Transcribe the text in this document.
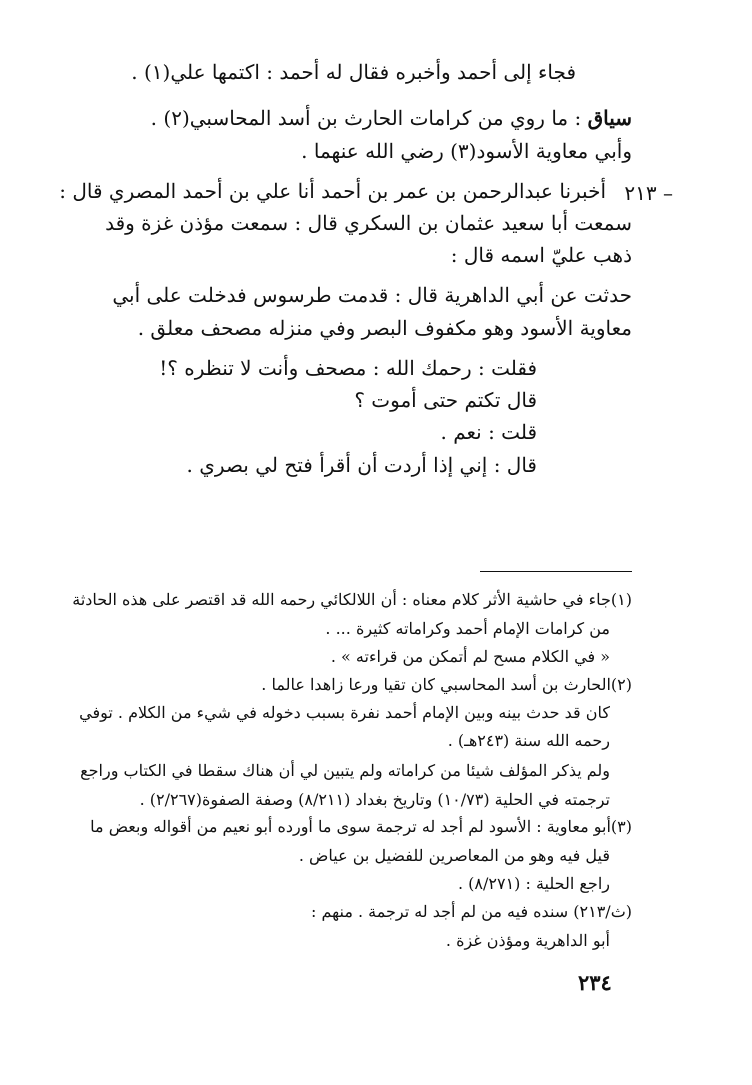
فجاء إلى أحمد وأخبره فقال له أحمد : اكتمها علي(١) .
سياق : ما روي من كرامات الحارث بن أسد المحاسبي(٢) .
وأبي معاوية الأسود(٣) رضي الله عنهما .
٢١٣ –
أخبرنا عبدالرحمن بن عمر بن أحمد أنا علي بن أحمد المصري قال :
سمعت أبا سعيد عثمان بن السكري قال : سمعت مؤذن غزة وقد
ذهب عليّ اسمه قال :
حدثت عن أبي الداهرية قال : قدمت طرسوس فدخلت على أبي
معاوية الأسود وهو مكفوف البصر وفي منزله مصحف معلق .
فقلت : رحمك الله : مصحف وأنت لا تنظره ؟!
قال تكتم حتى أموت ؟
قلت : نعم .
قال : إني إذا أردت أن أقرأ فتح لي بصري .
(١)جاء في حاشية الأثر كلام معناه : أن اللالكائي رحمه الله قد اقتصر على هذه الحادثة
من كرامات الإمام أحمد وكراماته كثيرة ... .
« في الكلام مسح لم أتمكن من قراءته » .
(٢)الحارث بن أسد المحاسبي كان تقيا ورعا زاهدا عالما .
كان قد حدث بينه وبين الإمام أحمد نفرة بسبب دخوله في شيء من الكلام . توفي
رحمه الله سنة (٢٤٣هـ) .
ولم يذكر المؤلف شيئا من كراماته ولم يتبين لي أن هناك سقطا في الكتاب وراجع
ترجمته في الحلية (١٠/٧٣) وتاريخ بغداد (٨/٢١١) وصفة الصفوة(٢/٢٦٧) .
(٣)أبو معاوية : الأسود لم أجد له ترجمة سوى ما أورده أبو نعيم من أقواله وبعض ما
قيل فيه وهو من المعاصرين للفضيل بن عياض .
راجع الحلية : (٨/٢٧١) .
(ث/٢١٣) سنده فيه من لم أجد له ترجمة . منهم :
أبو الداهرية ومؤذن غزة .
٢٣٤
